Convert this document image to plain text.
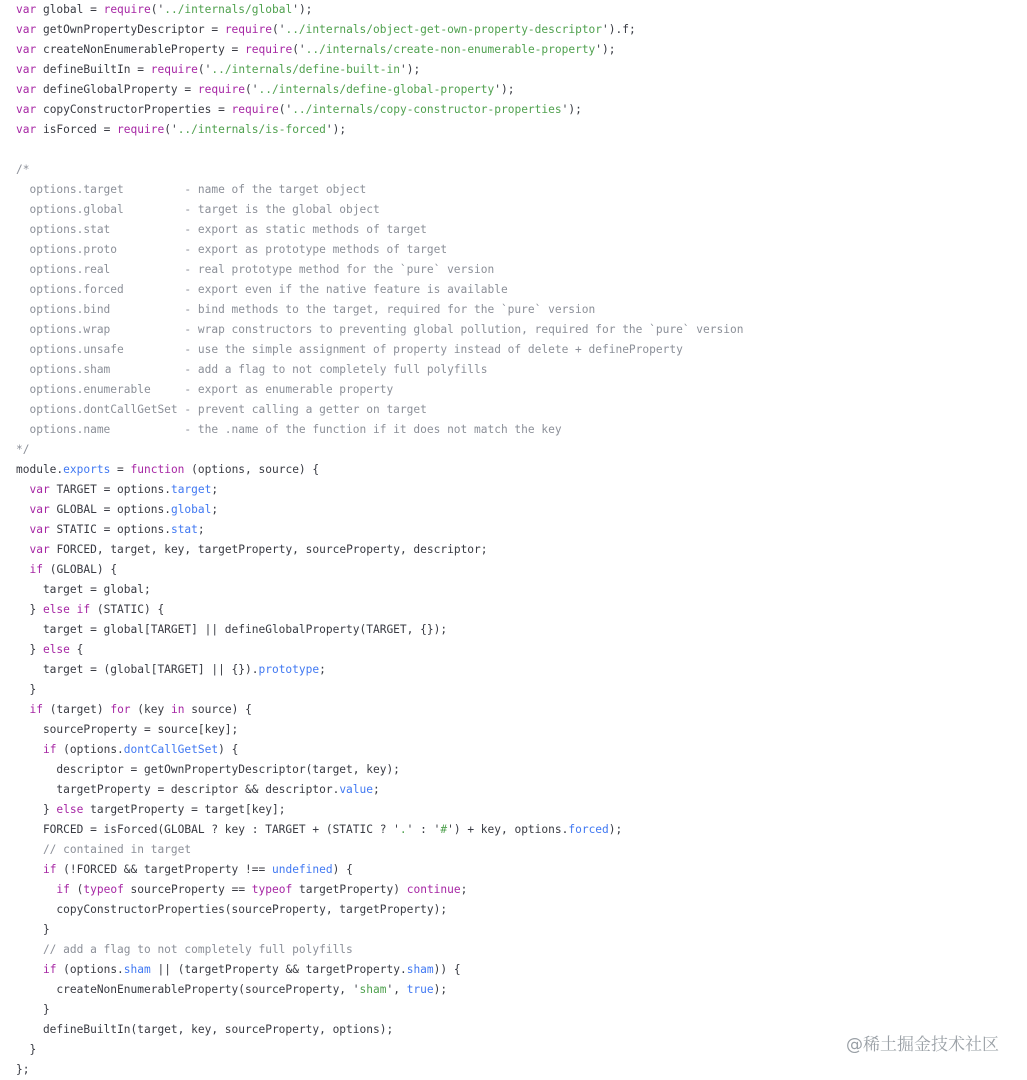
var global = require('../internals/global');
var getOwnPropertyDescriptor = require('../internals/object-get-own-property-descriptor').f;
var createNonEnumerableProperty = require('../internals/create-non-enumerable-property');
var defineBuiltIn = require('../internals/define-built-in');
var defineGlobalProperty = require('../internals/define-global-property');
var copyConstructorProperties = require('../internals/copy-constructor-properties');
var isForced = require('../internals/is-forced');
/*
options.target         - name of the target object
options.global         - target is the global object
options.stat           - export as static methods of target
options.proto          - export as prototype methods of target
options.real           - real prototype method for the `pure` version
options.forced         - export even if the native feature is available
options.bind           - bind methods to the target, required for the `pure` version
options.wrap           - wrap constructors to preventing global pollution, required for the `pure` version
options.unsafe         - use the simple assignment of property instead of delete + defineProperty
options.sham           - add a flag to not completely full polyfills
options.enumerable     - export as enumerable property
options.dontCallGetSet - prevent calling a getter on target
options.name           - the .name of the function if it does not match the key
*/
module.exports = function (options, source) {
var TARGET = options.target;
var GLOBAL = options.global;
var STATIC = options.stat;
var FORCED, target, key, targetProperty, sourceProperty, descriptor;
if (GLOBAL) {
target = global;
} else if (STATIC) {
target = global[TARGET] || defineGlobalProperty(TARGET, {});
} else {
target = (global[TARGET] || {}).prototype;
}
if (target) for (key in source) {
sourceProperty = source[key];
if (options.dontCallGetSet) {
descriptor = getOwnPropertyDescriptor(target, key);
targetProperty = descriptor && descriptor.value;
} else targetProperty = target[key];
FORCED = isForced(GLOBAL ? key : TARGET + (STATIC ? '.' : '#') + key, options.forced);
// contained in target
if (!FORCED && targetProperty !== undefined) {
if (typeof sourceProperty == typeof targetProperty) continue;
copyConstructorProperties(sourceProperty, targetProperty);
}
// add a flag to not completely full polyfills
if (options.sham || (targetProperty && targetProperty.sham)) {
createNonEnumerableProperty(sourceProperty, 'sham', true);
}
defineBuiltIn(target, key, sourceProperty, options);
}
};
@稀土掘金技术社区
